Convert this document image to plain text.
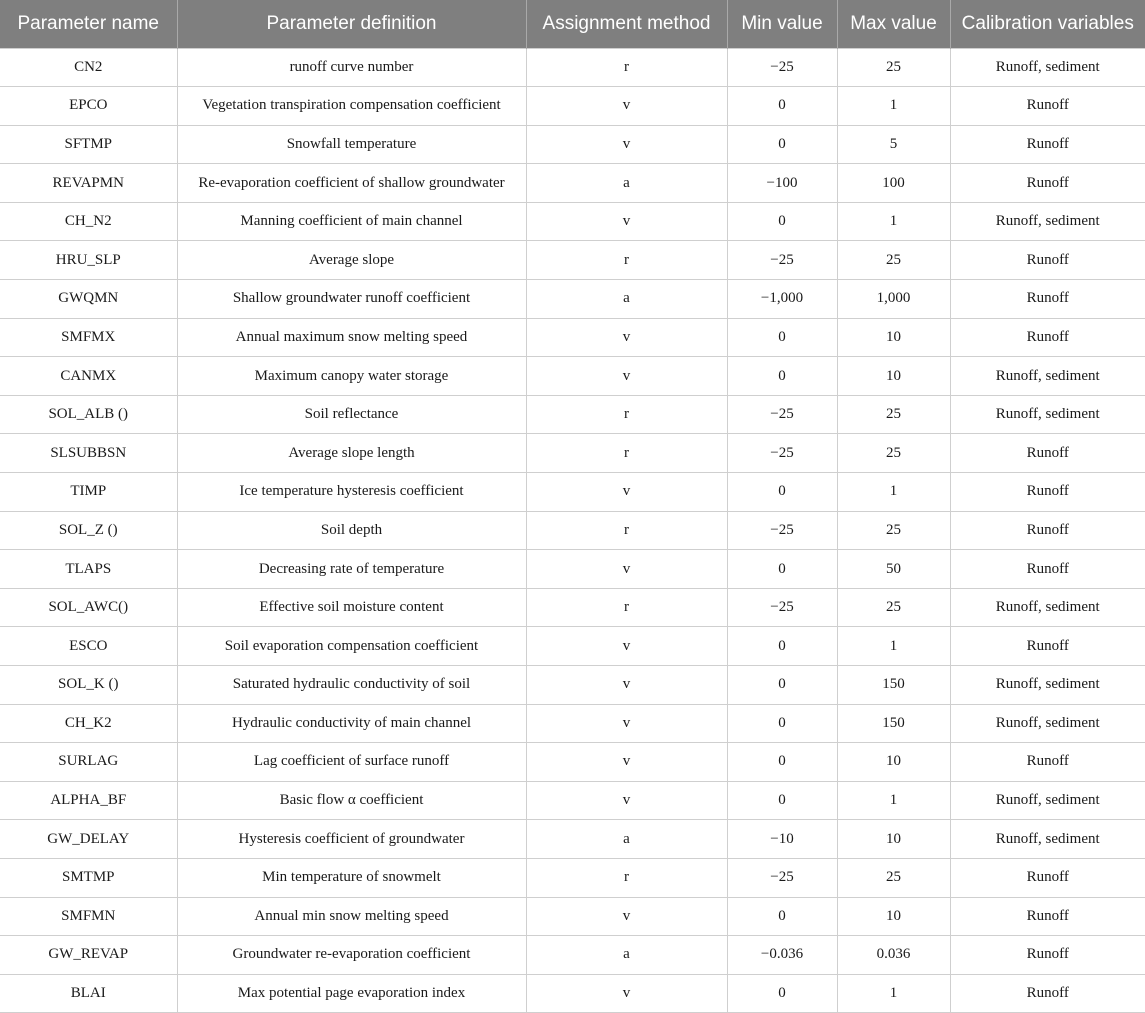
Parameter name	Parameter definition	Assignment method	Min value	Max value	Calibration variables
CN2	runoff curve number	r	−25	25	Runoff, sediment
EPCO	Vegetation transpiration compensation coefficient	v	0	1	Runoff
SFTMP	Snowfall temperature	v	0	5	Runoff
REVAPMN	Re-evaporation coefficient of shallow groundwater	a	−100	100	Runoff
CH_N2	Manning coefficient of main channel	v	0	1	Runoff, sediment
HRU_SLP	Average slope	r	−25	25	Runoff
GWQMN	Shallow groundwater runoff coefficient	a	−1,000	1,000	Runoff
SMFMX	Annual maximum snow melting speed	v	0	10	Runoff
CANMX	Maximum canopy water storage	v	0	10	Runoff, sediment
SOL_ALB ()	Soil reflectance	r	−25	25	Runoff, sediment
SLSUBBSN	Average slope length	r	−25	25	Runoff
TIMP	Ice temperature hysteresis coefficient	v	0	1	Runoff
SOL_Z ()	Soil depth	r	−25	25	Runoff
TLAPS	Decreasing rate of temperature	v	0	50	Runoff
SOL_AWC()	Effective soil moisture content	r	−25	25	Runoff, sediment
ESCO	Soil evaporation compensation coefficient	v	0	1	Runoff
SOL_K ()	Saturated hydraulic conductivity of soil	v	0	150	Runoff, sediment
CH_K2	Hydraulic conductivity of main channel	v	0	150	Runoff, sediment
SURLAG	Lag coefficient of surface runoff	v	0	10	Runoff
ALPHA_BF	Basic flow α coefficient	v	0	1	Runoff, sediment
GW_DELAY	Hysteresis coefficient of groundwater	a	−10	10	Runoff, sediment
SMTMP	Min temperature of snowmelt	r	−25	25	Runoff
SMFMN	Annual min snow melting speed	v	0	10	Runoff
GW_REVAP	Groundwater re-evaporation coefficient	a	−0.036	0.036	Runoff
BLAI	Max potential page evaporation index	v	0	1	Runoff
